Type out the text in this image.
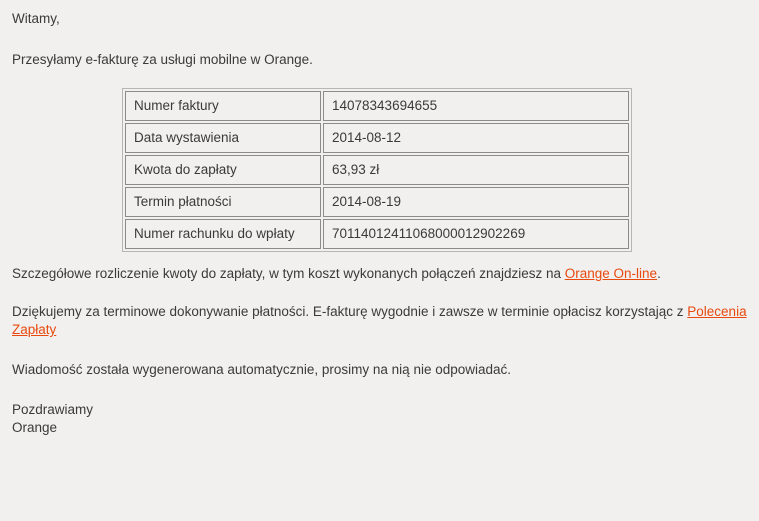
Witamy,

Przesyłamy e-fakturę za usługi mobilne w Orange.

Numer faktury	14078343694655
Data wystawienia	2014-08-12
Kwota do zapłaty	63,93 zł
Termin płatności	2014-08-19
Numer rachunku do wpłaty	70114012411068000012902269

Szczegółowe rozliczenie kwoty do zapłaty, w tym koszt wykonanych połączeń znajdziesz na Orange On-line.

Dziękujemy za terminowe dokonywanie płatności. E-fakturę wygodnie i zawsze w terminie opłacisz korzystając z Polecenia Zapłaty

Wiadomość została wygenerowana automatycznie, prosimy na nią nie odpowiadać.

Pozdrawiamy

Orange
